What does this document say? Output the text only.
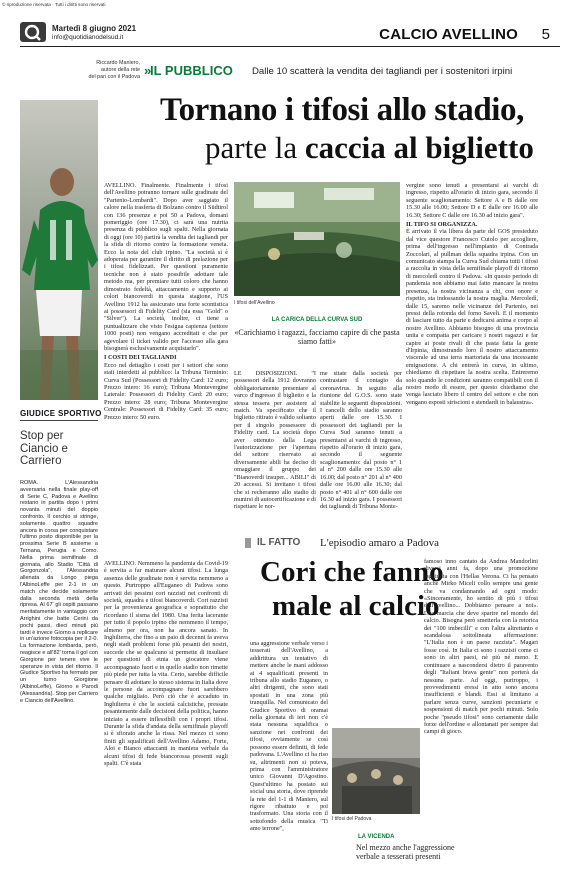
© riproduzione riservata · Tutti i diritti sono riservati
Martedì 8 giugno 2021
info@quotidianodelsud.it	CALCIO AVELLINO 5
Riccardo Maniero,
autore della rete
del pari con il Padova »
IL PUBBLICO Dalle 10 scatterà la vendita dei tagliandi per i sostenitori irpini
Tornano i tifosi allo stadio,
parte la caccia al biglietto
AVELLINO. Finalmente. Finalmente i tifosi dell'Avellino potranno tornare sulle gradinate del "Partenio-Lombardi". Dopo aver saggiato il calore nella trasferta di Bolzano contro il Südtirol con 136 presenze e poi 50 a Padova, domani pomeriggio (ore 17.30), ci sarà una nutrita presenza di pubblico sugli spalti. Nella giornata di oggi (ore 10) partirà la vendita dei tagliandi per la sfida di ritorno contro la formazione veneta. Ecco la nota del club irpino. "La società si è adoperata per garantire il diritto di prelazione per i tifosi fidelizzati. Per questioni puramente tecniche non è stato possibile adottare tale metodo ma, per premiare tutti coloro che hanno dimostrato fedeltà, attaccamento e supporto ai colori biancoverdi in questa stagione, l'US Avellino 1912 ha assicurato una forte scontistica ai possessori di Fidelity Card (sia essa "Gold" o "Silver"). La società, inoltre, ci tiene a puntualizzare che visto l'esigua capienza (settore 1000 posti) non vengano accreditati e che per agevolare il ticket valido per l'accesso alla gara bisognerà esclusivamente acquistarlo".
I COSTI DEI TAGLIANDI
Ecco nel dettaglio i costi per i settori che sono stati interdetti al pubblico: la Tribuna Terminio: Curva Sud (Possessori di Fidelity Card: 12 euro; Prezzo intero: 16 euro); Tribuna Montevergine Laterale: Possessori di Fidelity Card: 20 euro; Prezzo intero: 28 euro; Tribuna Montevergine Centrale: Possessori di Fidelity Card: 35 euro; Prezzo intero: 50 euro.
I tifosi dell'Avellino
LA CARICA DELLA CURVA SUD
«Carichiamo i ragazzi, facciamo capire di che pasta siamo fatti»
LE DISPOSIZIONI. "I possessori della 1912 dovranno obbligatoriamente presentare al varco d'ingresso il biglietto e la stessa tessera per assistere al match. Va specificato che il biglietto ritirato è valido soltanto per il singolo possessore di Fidelity card. La società dopo aver ottenuto dalla Lega l'autorizzazione per l'apertura del settore riservato ai diversamente abili ha deciso di omaggiare il gruppo dei "Bianoverdi insuper... ABILI" di 20 accessi. Si invitano i tifosi che si recheranno allo stadio di munirsi di autocertificazione e di rispettare le nor-
me sitate dalla società per contrastare il contagio da coronavirus. In seguito alla riunione del G.O.S. sono state stabilite le seguenti disposizioni. I cancelli dello stadio saranno aperti dalle ore 15.30. I possessori dei tagliandi per la Curva Sud saranno tenuti a presentarsi ai varchi di ingresso, rispetto all'orario di inizio gara, secondo il seguente scaglionamento: dal posto n° 1 al n° 200 dalle ore 15.30 alle 16.00; dal posto n° 201 al n° 400 dalle ore 16.00 alle 16.30; dal posto n° 401 al n° 600 dalle ore 16.30 ad inizio gara. I possessori dei tagliandi di Tribuna Monte-
vergine sono tenuti a presentarsi ai varchi di ingresso, rispetto all'orario di inizio gara, secondo il seguente scaglionamento: Settore A e B dalle ore 15.30 alle 16.00; Settore D e E dalle ore 16.00 alle 16.30; Settore C dalle ore 16.30 ad inizio gara".
IL TIFO SI ORGANIZZA.
È arrivato il via libera da parte del GOS presieduto dal vice questore Francesco Cutolo per accogliere, prima dell'ingresso nell'impianto di Contrada Zoccolari, al pullman della squadra irpina. Con un comunicato stampa la Curva Sud chiama tutti i tifosi a raccolta in vista della semifinale playoff di ritorno di mercoledì contro il Padova. «In questo periodo di pandemia non abbiamo mai fatto mancare la nostra presenza, la nostra vicinanza a chi, con onore e rispetto, sta indossando la nostra maglia. Mercoledì, dalle 15, saremo nelle vicinanze del Partenio, nei pressi della rotonda del forno Saveli. È il momento di lasciare tutto da parte e dedicarsi anima e corpo al nostro Avellino. Abbiamo bisogno di una provincia unita e compatta per caricare i nostri ragazzi e far capire ai poste rivali di che pasta fatta la gente d'Irpinia, dimostrando loro il nostro attaccamento viscerale ad una terra martoriata da una incessante emigrazione. A chi entrerà in curva, in ultimo, chiediamo di rispettare la nostra scelta. Entreremo solo quando le condizioni saranno compatibili con il nostro modo di essere, per questo chiediamo che venga lasciato libero il centro del settore e che non vengano esposti striscioni e stendardi in balaustra».
GIUDICE SPORTIVO
Stop per Ciancio e Carriero
ROMA. L'Alessandria avversaria nella finale play-off di Serie C, Padova e Avellino restano in partita dopo i primi novanta minuti del doppio confronto. Il cerchio si stringe, solamente quattro squadre ancora in corsa per conquistare l'ultimo posto disponibile per la prossima Serie B assieme a Ternana, Perugia e Como. Nella prima semifinale di giornata, allo Stadio "Città di Gorgonzola", l'Alessandria allenata da Longo piega l'AlbinoLeffe per 2-1 in un match che decide solamente dalla seconda metà della ripresa. Al 67' gli ospiti passano meritatamente in vantaggio con Arrighini che batte Cerini da pochi passi, dieci minuti più tardi è invece Giorno a replicare in un'azione fotocopia per il 2-0. La formazione lombarda, però, reagisce e all'82' torna il gol con Giorgione per tenere vive le speranze in vista del ritorno. Il Giudice Sportivo ha fermato per un turno Giorgione (AlbinoLeffe), Giorno e Parodi (Alessandria). Stop per Carriero e Ciancio dell'Avellino.
IL FATTO L'episodio amaro a Padova
Cori che fanno
male al calcio
AVELLINO. Nemmeno la pandemia da Covid-19 è servita a far maturare alcuni tifosi. La lunga assenza delle gradinate non è servita nemmeno a questo. Purtroppo all'Euganeo di Padova sono arrivati dei pessimi cori razzisti nei confronti di società, squadra e tifosi biancoverdi. Cori razzisti per la provenienza geografica e soprattutto che ricordano il sisma del 1980. Una ferita lacerante per tutto il popolo irpino che nemmeno il tempo, almeno per ora, non ha ancora sanato. In Inghilterra, che fino a un paio di decenni fa aveva negli stadi problemi forse più pesanti dei nostri, succede che se qualcuno si permette di insultare per questioni di etnia un giocatore viene accompagnato fuori e in quello stadio non rimette più piede per tutta la vita. Certo, sarebbe difficile pensare di adottare lo stesso sistema in Italia dove le persone da accompagnare fuori sarebbero qualche migliaio. Però ciò che è accaduto in Inghilterra è che le società calcistiche, pressate pesantemente dalle decisioni della politica, hanno iniziato a essere inflessibili con i propri tifosi. Durante la sfida d'andata della semifinale playoff si è sfiorato anche la rissa. Nel mezzo ci sono finiti gli squalificati dell'Avellino Adamo, Forte, Aloi e Bianco attaccanti in maniera verbale da alcuni tifosi di fede biancorossa presenti sugli spalti. C'è stata
una aggressione verbale verso i tesserati dell'Avellino, a addirittura un tentativo di mettere anche le mani addosso ai 4 squalificati presenti in tribuna allo stadio Euganeo, o altri dirigenti, che sono stati spostati in una zona più tranquilla. Nel comunicato del Giudice Sportivo di oramai nella giornata di ieri non c'è stata nessuna squalifica o sanzione nei confronti dei tifosi, ovviamente se così possono essere definiti, di fede padovana. L'Avellino ci ha riso su, altrimenti non si poteva, prima con l'amministratore unico Giovanni D'Agostino. Quest'ultimo ha postato sui social una storia, dove riprende la rete del 1-1 di Maniero, sul rigore ribattuto e poi trasformato. Una storia con il sottofondo della musica "Ti amo terrone",
famoso inno cantato da Andrea Mandorlini diversi anni fa, dopo una promozione raggiunta con l'Hellas Verona. Ci ha pensato anche Mirko Miceli collo sempre una gente che va condannando ad ogni modo: «Sinceramente, ho sentito di più i tifosi dell'Avellino... Dobbiamo pensare a noi». Una marcia che deve sparire nel mondo del calcio. Bisogna però smetterla con la retorica dei "100 imbecilli" e con l'altra altrettanto e scandalosa sottolineata affermazione: "L'Italia non è un paese razzista". Magari fosse così. In Italia ci sono i razzisti come ci sono in altri paesi, nè più né meno. E continuare a nascondersi dietro il paravento degli "Italiani brava gente" non porterà da nessuna parte. Ad oggi, purtroppo, i provvedimenti eressi in atto sono ancora insufficienti e blandi. Essi si limitano a parlare senza curve, sanzioni pecuniarie e sospensioni di match per pochi minuti. Solo poche "pseudo tifosi" sono certamente dalle forze dell'ordine e allontanati per sempre dai campi di gioco.
I tifosi del Padova
LA VICENDA
Nel mezzo anche l'aggressione verbale a tesserati presenti
